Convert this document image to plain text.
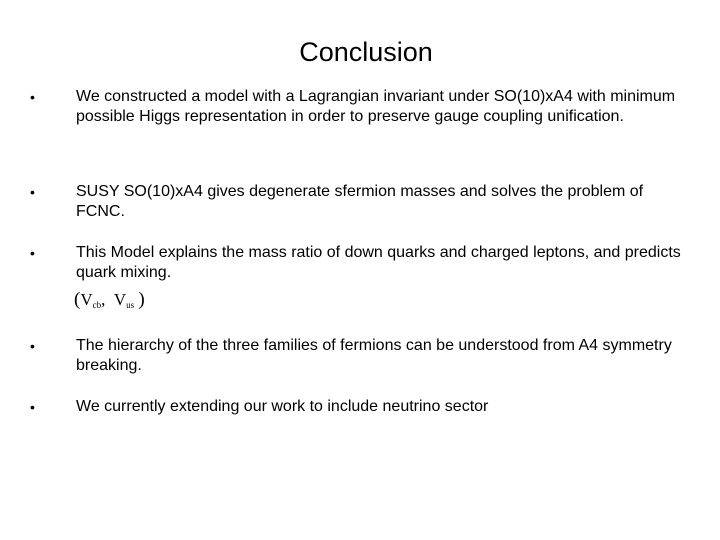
Conclusion
•	We constructed a model with a Lagrangian invariant under SO(10)xA4 with minimum possible Higgs representation in order to preserve gauge coupling unification.
•	SUSY SO(10)xA4 gives degenerate sfermion masses and solves the problem of FCNC.
•	This Model explains the mass ratio of down quarks and charged leptons, and predicts quark mixing.
($V_{cb}$, $V_{us}$ )
•	The hierarchy of the three families of fermions can be understood from A4 symmetry breaking.
•	We currently extending our work to include neutrino sector
